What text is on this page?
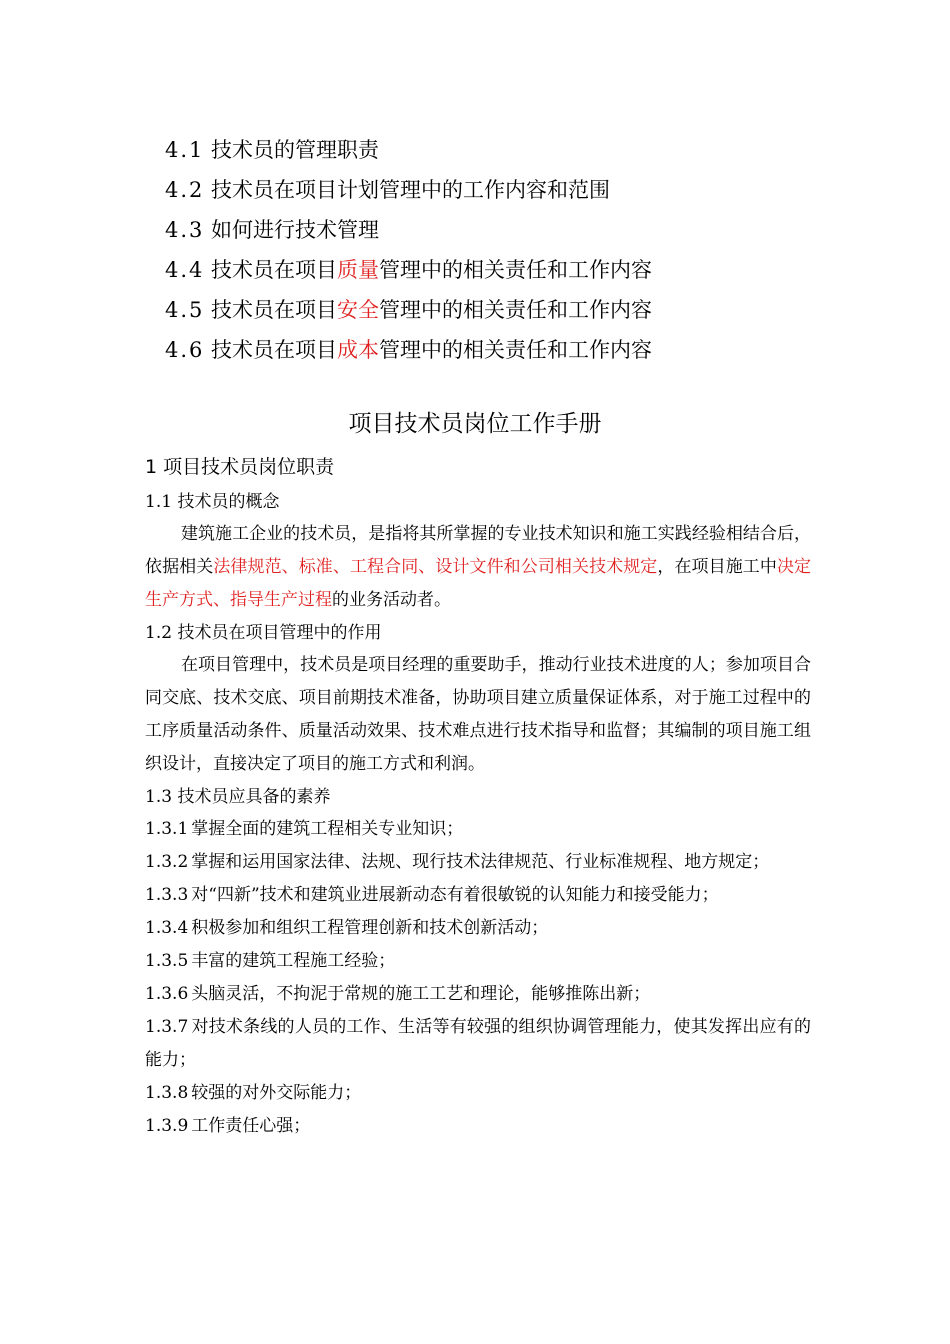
4.1 技术员的管理职责
4.2 技术员在项目计划管理中的工作内容和范围
4.3 如何进行技术管理
4.4 技术员在项目质量管理中的相关责任和工作内容
4.5 技术员在项目安全管理中的相关责任和工作内容
4.6 技术员在项目成本管理中的相关责任和工作内容
项目技术员岗位工作手册
1 项目技术员岗位职责
1.1 技术员的概念
建筑施工企业的技术员，是指将其所掌握的专业技术知识和施工实践经验相结合后，依据相关法律规范、标准、工程合同、设计文件和公司相关技术规定，在项目施工中决定生产方式、指导生产过程的业务活动者。
1.2 技术员在项目管理中的作用
在项目管理中，技术员是项目经理的重要助手，推动行业技术进度的人；参加项目合同交底、技术交底、项目前期技术准备，协助项目建立质量保证体系，对于施工过程中的工序质量活动条件、质量活动效果、技术难点进行技术指导和监督；其编制的项目施工组织设计，直接决定了项目的施工方式和利润。
1.3 技术员应具备的素养
1.3.1 掌握全面的建筑工程相关专业知识；
1.3.2 掌握和运用国家法律、法规、现行技术法律规范、行业标准规程、地方规定；
1.3.3 对“四新”技术和建筑业进展新动态有着很敏锐的认知能力和接受能力；
1.3.4 积极参加和组织工程管理创新和技术创新活动；
1.3.5 丰富的建筑工程施工经验；
1.3.6 头脑灵活，不拘泥于常规的施工工艺和理论，能够推陈出新；
1.3.7 对技术条线的人员的工作、生活等有较强的组织协调管理能力，使其发挥出应有的能力；
1.3.8 较强的对外交际能力；
1.3.9 工作责任心强；
